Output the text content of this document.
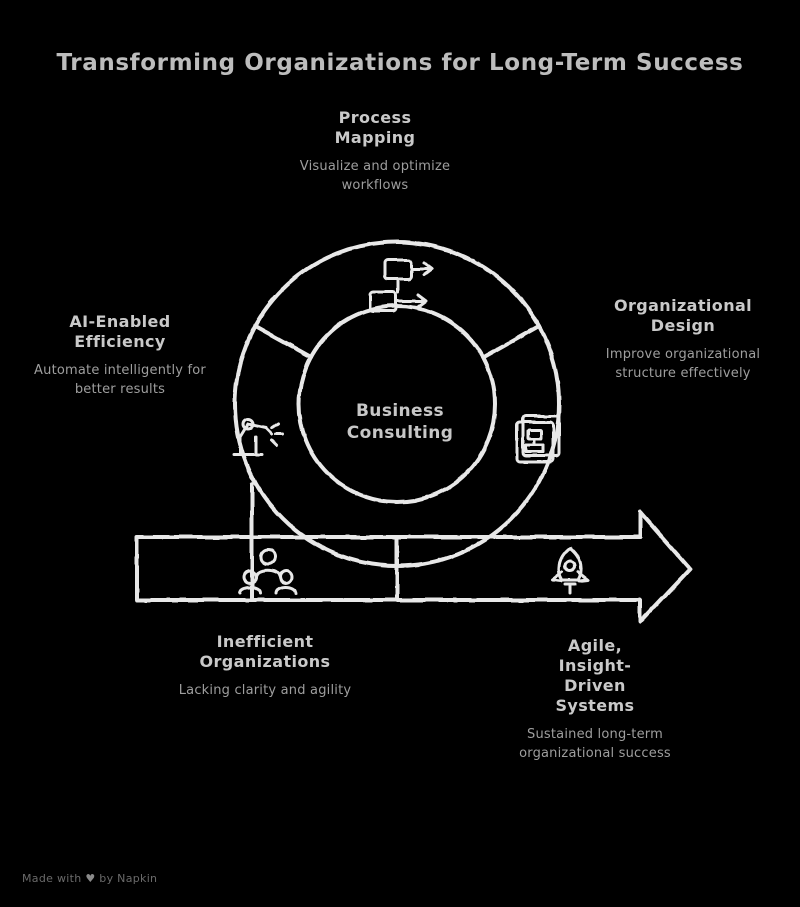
Transforming Organizations for Long-Term Success
Business
Consulting
Process
Mapping
Visualize and optimize workflows
AI-Enabled
Efficiency
Automate intelligently for better results
Organizational
Design
Improve organizational structure effectively
Inefficient
Organizations
Lacking clarity and agility
Agile,
Insight-
Driven
Systems
Sustained long-term organizational success
Made with ♥ by Napkin
